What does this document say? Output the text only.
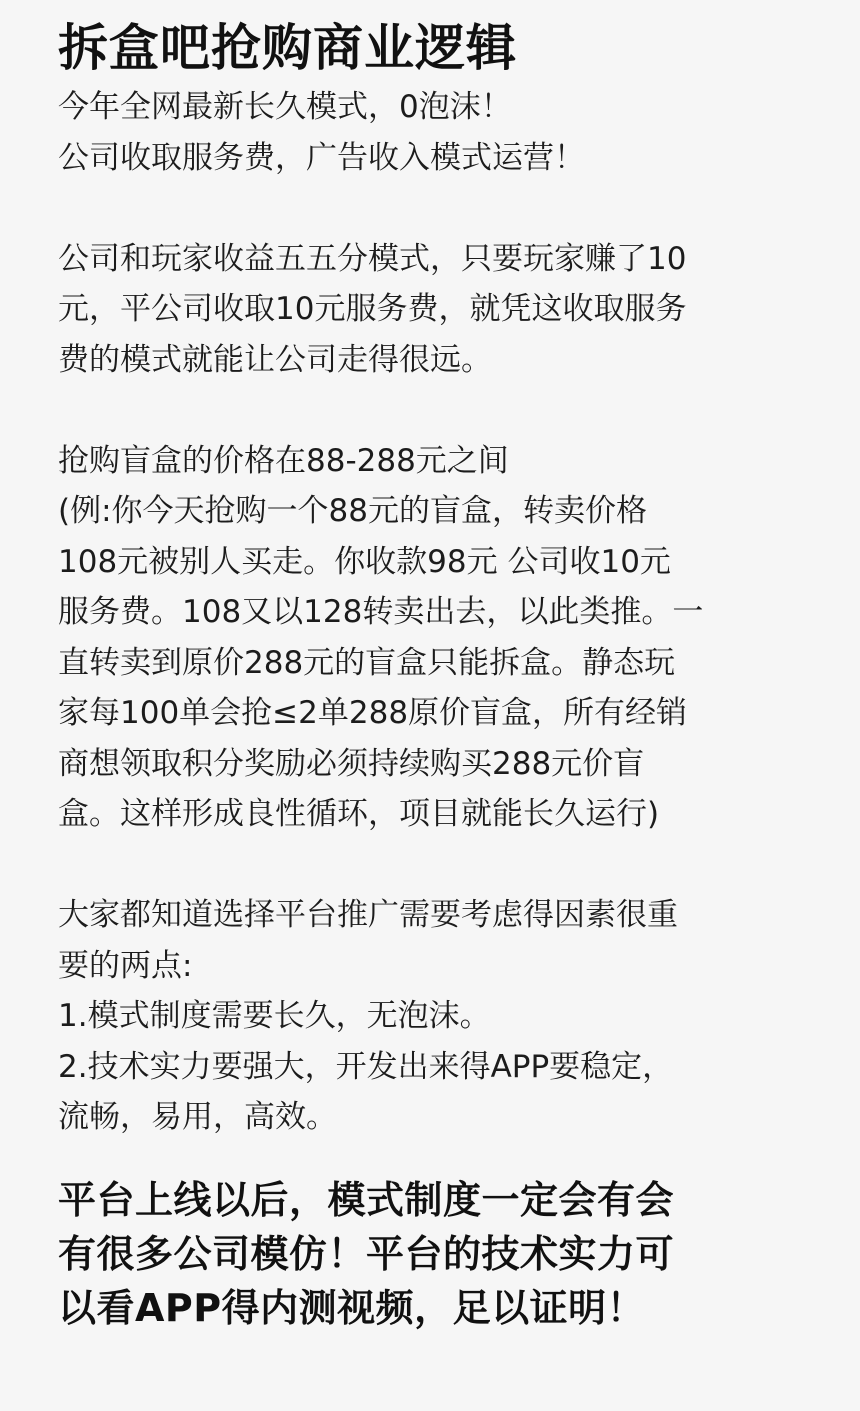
拆盒吧抢购商业逻辑
今年全网最新长久模式，0泡沫！
公司收取服务费，广告收入模式运营！
公司和玩家收益五五分模式，只要玩家赚了10
元，平公司收取10元服务费，就凭这收取服务
费的模式就能让公司走得很远。
抢购盲盒的价格在88-288元之间
(例:你今天抢购一个88元的盲盒，转卖价格
108元被别人买走。你收款98元 公司收10元
服务费。108又以128转卖出去，以此类推。一
直转卖到原价288元的盲盒只能拆盒。静态玩
家每100单会抢≤2单288原价盲盒，所有经销
商想领取积分奖励必须持续购买288元价盲
盒。这样形成良性循环，项目就能长久运行)
大家都知道选择平台推广需要考虑得因素很重
要的两点:
1.模式制度需要长久，无泡沫。
2.技术实力要强大，开发出来得APP要稳定，
流畅，易用，高效。
平台上线以后，模式制度一定会有会
有很多公司模仿！平台的技术实力可
以看APP得内测视频，足以证明！
